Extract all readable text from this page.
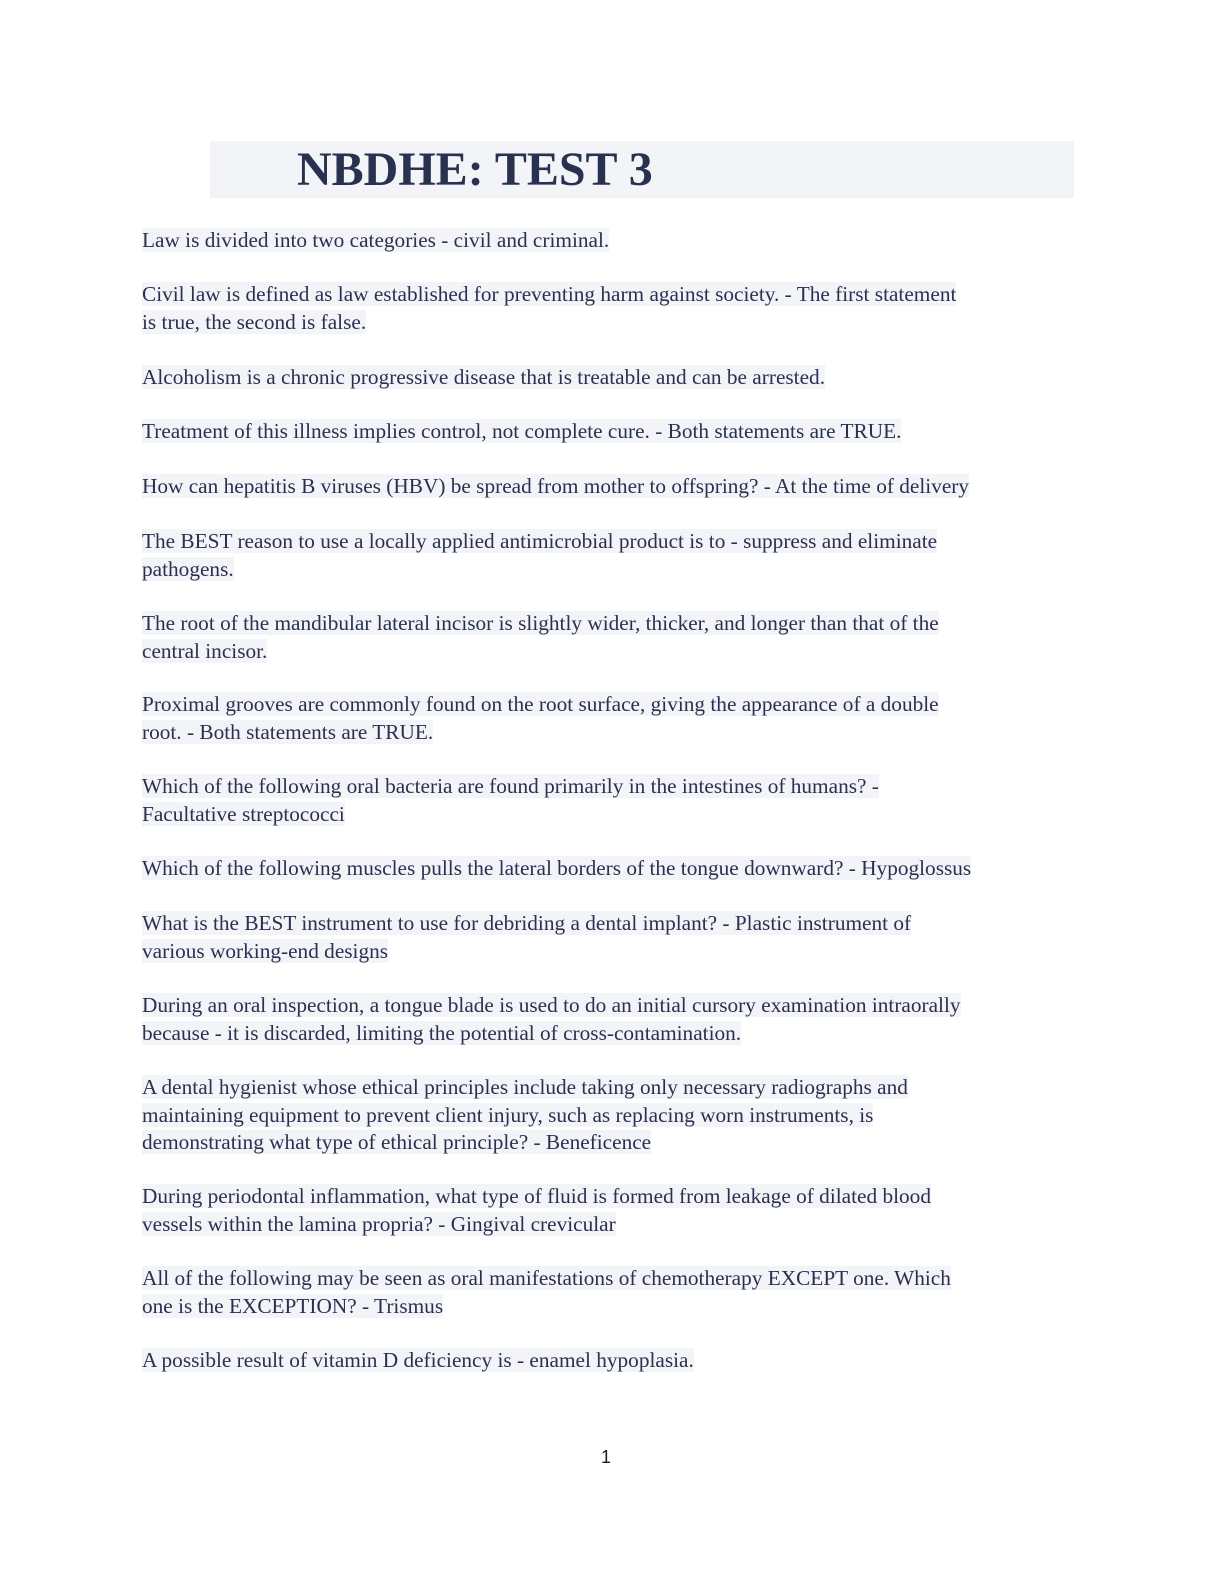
NBDHE: TEST 3

Law is divided into two categories - civil and criminal.

Civil law is defined as law established for preventing harm against society. - The first statement
is true, the second is false.

Alcoholism is a chronic progressive disease that is treatable and can be arrested.

Treatment of this illness implies control, not complete cure. - Both statements are TRUE.

How can hepatitis B viruses (HBV) be spread from mother to offspring? - At the time of delivery

The BEST reason to use a locally applied antimicrobial product is to - suppress and eliminate
pathogens.

The root of the mandibular lateral incisor is slightly wider, thicker, and longer than that of the
central incisor.

Proximal grooves are commonly found on the root surface, giving the appearance of a double
root. - Both statements are TRUE.

Which of the following oral bacteria are found primarily in the intestines of humans? -
Facultative streptococci

Which of the following muscles pulls the lateral borders of the tongue downward? - Hypoglossus

What is the BEST instrument to use for debriding a dental implant? - Plastic instrument of
various working-end designs

During an oral inspection, a tongue blade is used to do an initial cursory examination intraorally
because - it is discarded, limiting the potential of cross-contamination.

A dental hygienist whose ethical principles include taking only necessary radiographs and
maintaining equipment to prevent client injury, such as replacing worn instruments, is
demonstrating what type of ethical principle? - Beneficence

During periodontal inflammation, what type of fluid is formed from leakage of dilated blood
vessels within the lamina propria? - Gingival crevicular

All of the following may be seen as oral manifestations of chemotherapy EXCEPT one. Which
one is the EXCEPTION? - Trismus

A possible result of vitamin D deficiency is - enamel hypoplasia.

1
